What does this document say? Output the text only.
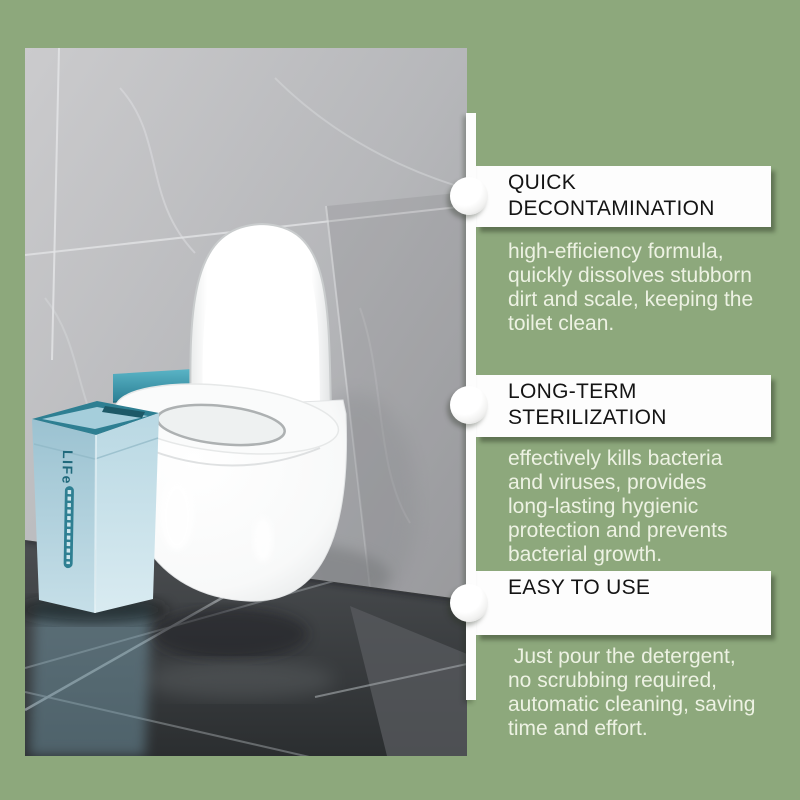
LIFe
QUICK
DECONTAMINATION
high-efficiency formula,
quickly dissolves stubborn
dirt and scale, keeping the
toilet clean.
LONG-TERM
STERILIZATION
effectively kills bacteria
and viruses, provides
long-lasting hygienic
protection and prevents
bacterial growth.
EASY TO USE
Just pour the detergent,
no scrubbing required,
automatic cleaning, saving
time and effort.
